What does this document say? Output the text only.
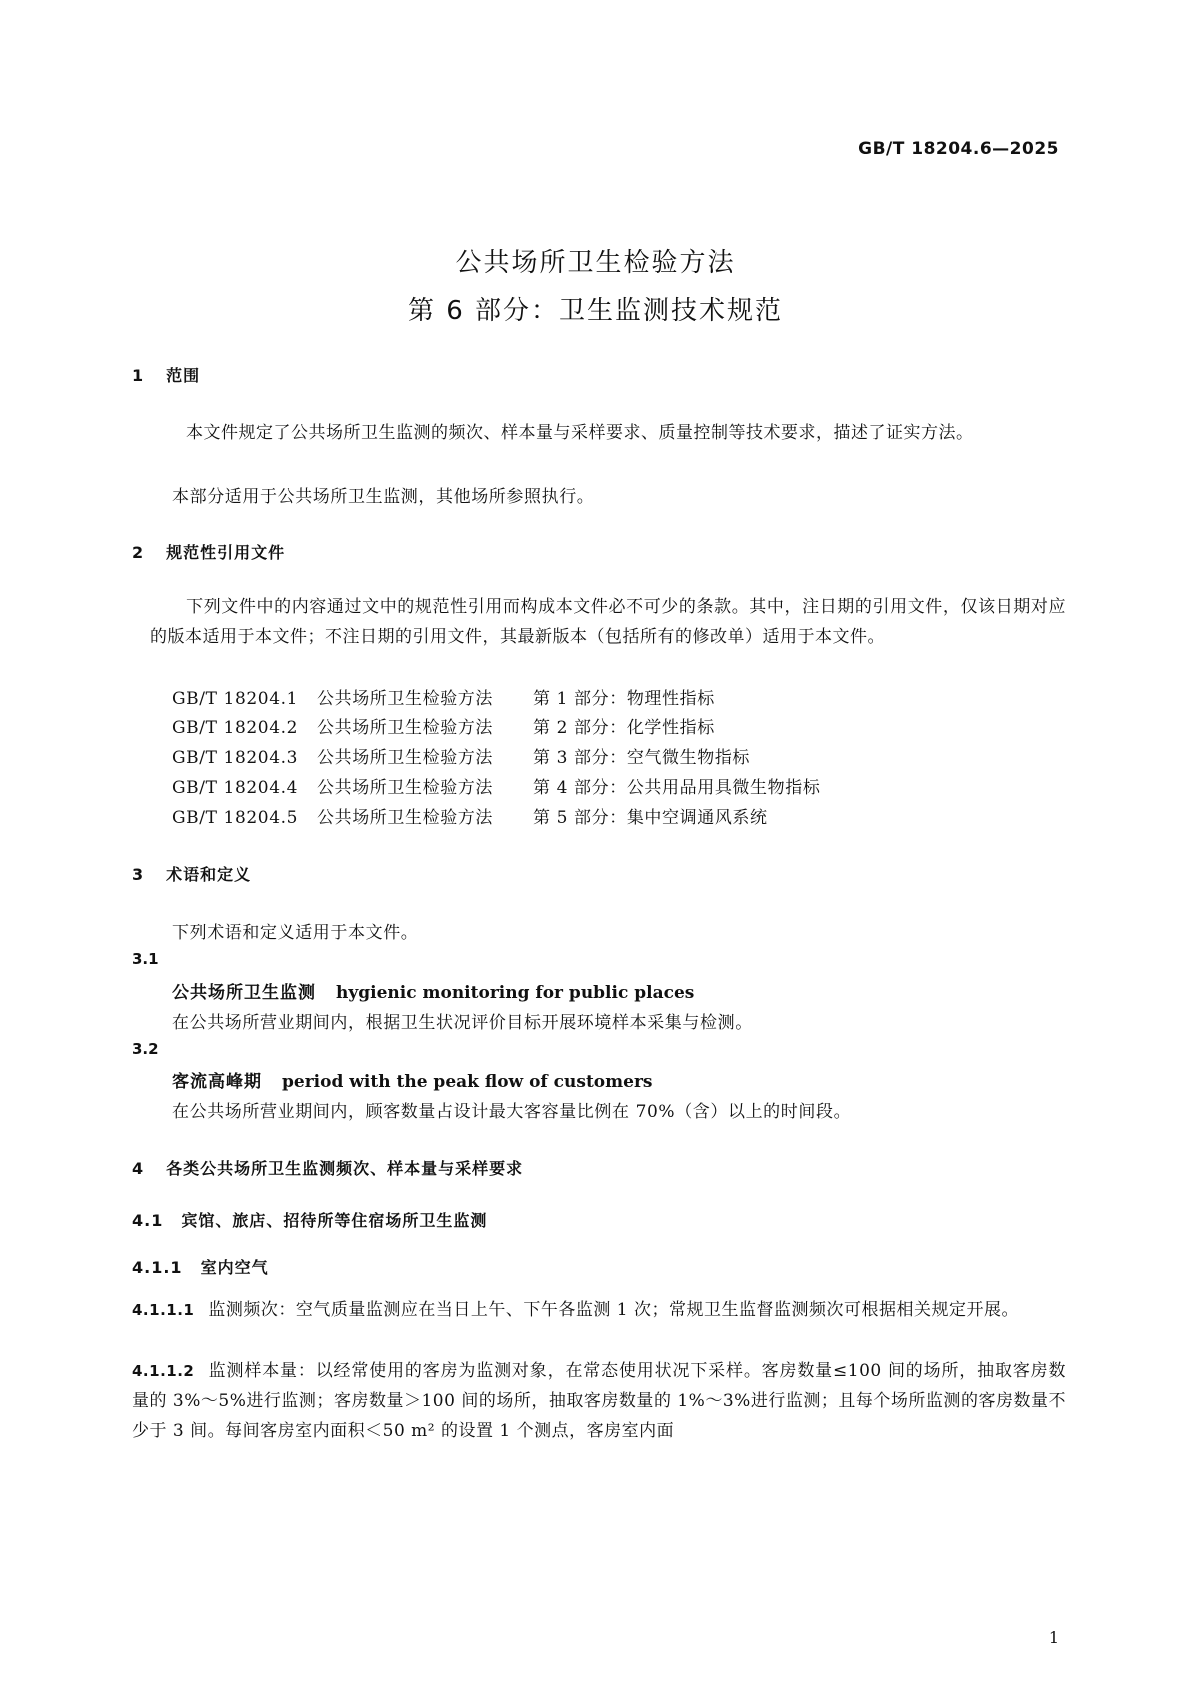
GB/T 18204.6—2025
公共场所卫生检验方法
第 6 部分：卫生监测技术规范
1 范围
本文件规定了公共场所卫生监测的频次、样本量与采样要求、质量控制等技术要求，描述了证实方法。
本部分适用于公共场所卫生监测，其他场所参照执行。
2 规范性引用文件
下列文件中的内容通过文中的规范性引用而构成本文件必不可少的条款。其中，注日期的引用文件，仅该日期对应的版本适用于本文件；不注日期的引用文件，其最新版本（包括所有的修改单）适用于本文件。
GB/T 18204.1 公共场所卫生检验方法 第 1 部分：物理性指标
GB/T 18204.2 公共场所卫生检验方法 第 2 部分：化学性指标
GB/T 18204.3 公共场所卫生检验方法 第 3 部分：空气微生物指标
GB/T 18204.4 公共场所卫生检验方法 第 4 部分：公共用品用具微生物指标
GB/T 18204.5 公共场所卫生检验方法 第 5 部分：集中空调通风系统
3 术语和定义
下列术语和定义适用于本文件。
3.1
公共场所卫生监测 hygienic monitoring for public places
在公共场所营业期间内，根据卫生状况评价目标开展环境样本采集与检测。
3.2
客流高峰期 period with the peak flow of customers
在公共场所营业期间内，顾客数量占设计最大客容量比例在 70%（含）以上的时间段。
4 各类公共场所卫生监测频次、样本量与采样要求
4.1 宾馆、旅店、招待所等住宿场所卫生监测
4.1.1 室内空气
4.1.1.1 监测频次：空气质量监测应在当日上午、下午各监测 1 次；常规卫生监督监测频次可根据相关规定开展。
4.1.1.2 监测样本量：以经常使用的客房为监测对象，在常态使用状况下采样。客房数量≤100 间的场所，抽取客房数量的 3%～5%进行监测；客房数量＞100 间的场所，抽取客房数量的 1%～3%进行监测；且每个场所监测的客房数量不少于 3 间。每间客房室内面积＜50 m² 的设置 1 个测点，客房室内面
1
